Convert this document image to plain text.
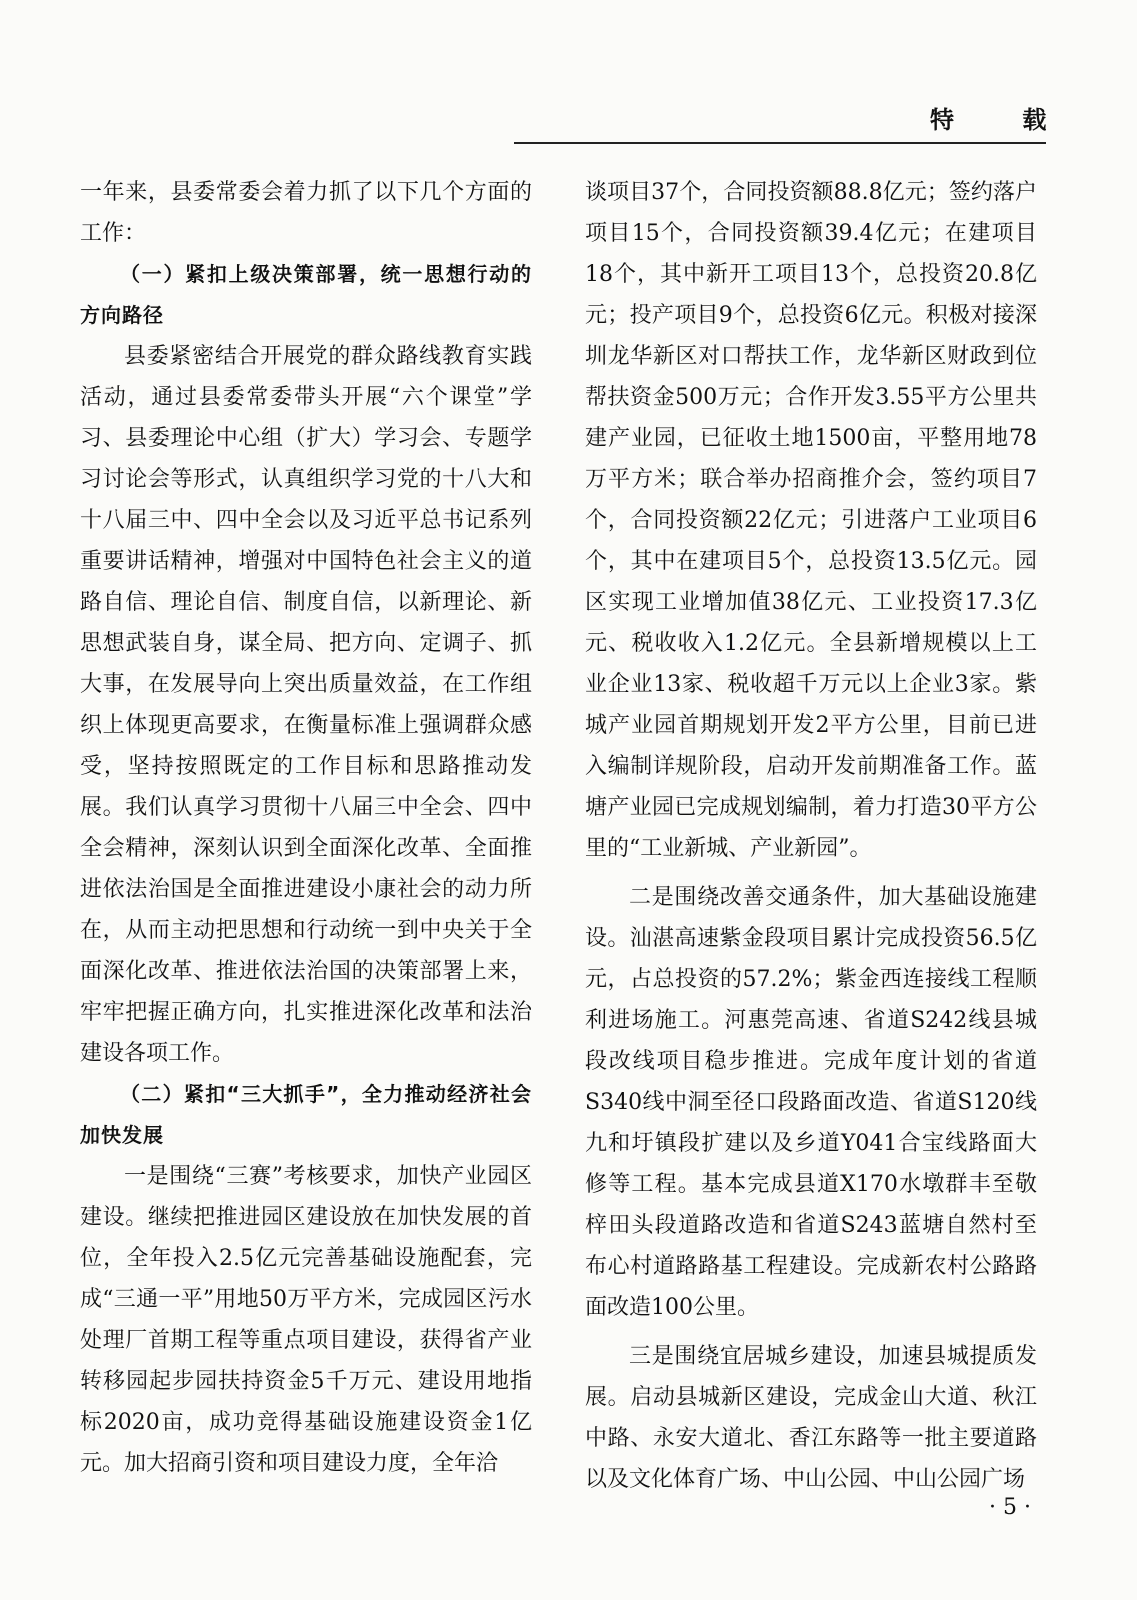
特 载

一年来，县委常委会着力抓了以下几个方面的工作：

（一）紧扣上级决策部署，统一思想行动的方向路径

县委紧密结合开展党的群众路线教育实践活动，通过县委常委带头开展“六个课堂”学习、县委理论中心组（扩大）学习会、专题学习讨论会等形式，认真组织学习党的十八大和十八届三中、四中全会以及习近平总书记系列重要讲话精神，增强对中国特色社会主义的道路自信、理论自信、制度自信，以新理论、新思想武装自身，谋全局、把方向、定调子、抓大事，在发展导向上突出质量效益，在工作组织上体现更高要求，在衡量标准上强调群众感受，坚持按照既定的工作目标和思路推动发展。我们认真学习贯彻十八届三中全会、四中全会精神，深刻认识到全面深化改革、全面推进依法治国是全面推进建设小康社会的动力所在，从而主动把思想和行动统一到中央关于全面深化改革、推进依法治国的决策部署上来，牢牢把握正确方向，扎实推进深化改革和法治建设各项工作。

（二）紧扣“三大抓手”，全力推动经济社会加快发展

一是围绕“三赛”考核要求，加快产业园区建设。继续把推进园区建设放在加快发展的首位，全年投入2.5亿元完善基础设施配套，完成“三通一平”用地50万平方米，完成园区污水处理厂首期工程等重点项目建设，获得省产业转移园起步园扶持资金5千万元、建设用地指标2020亩，成功竞得基础设施建设资金1亿元。加大招商引资和项目建设力度，全年洽

谈项目37个，合同投资额88.8亿元；签约落户项目15个，合同投资额39.4亿元；在建项目18个，其中新开工项目13个，总投资20.8亿元；投产项目9个，总投资6亿元。积极对接深圳龙华新区对口帮扶工作，龙华新区财政到位帮扶资金500万元；合作开发3.55平方公里共建产业园，已征收土地1500亩，平整用地78万平方米；联合举办招商推介会，签约项目7个，合同投资额22亿元；引进落户工业项目6个，其中在建项目5个，总投资13.5亿元。园区实现工业增加值38亿元、工业投资17.3亿元、税收收入1.2亿元。全县新增规模以上工业企业13家、税收超千万元以上企业3家。紫城产业园首期规划开发2平方公里，目前已进入编制详规阶段，启动开发前期准备工作。蓝塘产业园已完成规划编制，着力打造30平方公里的“工业新城、产业新园”。

二是围绕改善交通条件，加大基础设施建设。汕湛高速紫金段项目累计完成投资56.5亿元，占总投资的57.2%；紫金西连接线工程顺利进场施工。河惠莞高速、省道S242线县城段改线项目稳步推进。完成年度计划的省道S340线中洞至径口段路面改造、省道S120线九和圩镇段扩建以及乡道Y041合宝线路面大修等工程。基本完成县道X170水墩群丰至敬梓田头段道路改造和省道S243蓝塘自然村至布心村道路路基工程建设。完成新农村公路路面改造100公里。

三是围绕宜居城乡建设，加速县城提质发展。启动县城新区建设，完成金山大道、秋江中路、永安大道北、香江东路等一批主要道路以及文化体育广场、中山公园、中山公园广场

· 5 ·
